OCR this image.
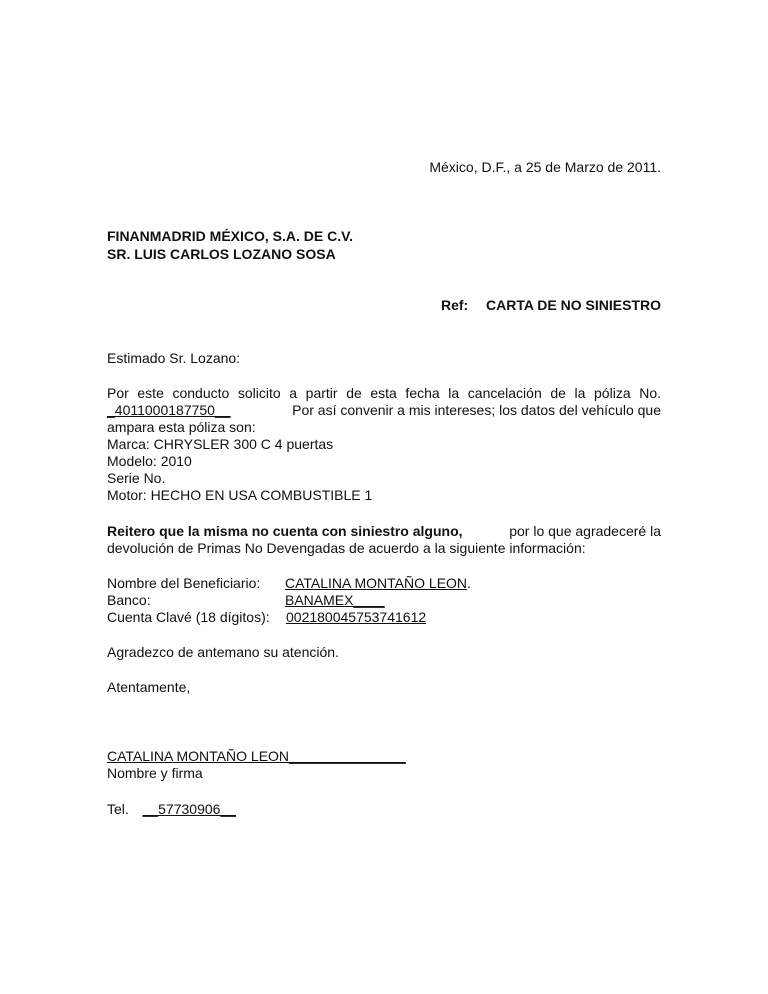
México, D.F., a 25 de Marzo de 2011.
FINANMADRID MÉXICO, S.A. DE C.V.
SR. LUIS CARLOS LOZANO SOSA
Ref: CARTA DE NO SINIESTRO
Estimado Sr. Lozano:
Por este conducto solicito a partir de esta fecha la cancelación de la póliza No.
_4011000187750__	Por así convenir a mis intereses; los datos del vehículo que
ampara esta póliza son:
Marca: CHRYSLER 300 C 4 puertas
Modelo: 2010
Serie No.
Motor: HECHO EN USA COMBUSTIBLE 1
Reitero que la misma no cuenta con siniestro alguno,	por lo que agradeceré la
devolución de Primas No Devengadas de acuerdo a la siguiente información:
Nombre del Beneficiario: CATALINA MONTAÑO LEON.
Banco:	BANAMEX____
Cuenta Clavé (18 dígitos): 002180045753741612
Agradezco de antemano su atención.
Atentamente,
CATALINA MONTAÑO LEON_______________
Nombre y firma
Tel. __57730906__
